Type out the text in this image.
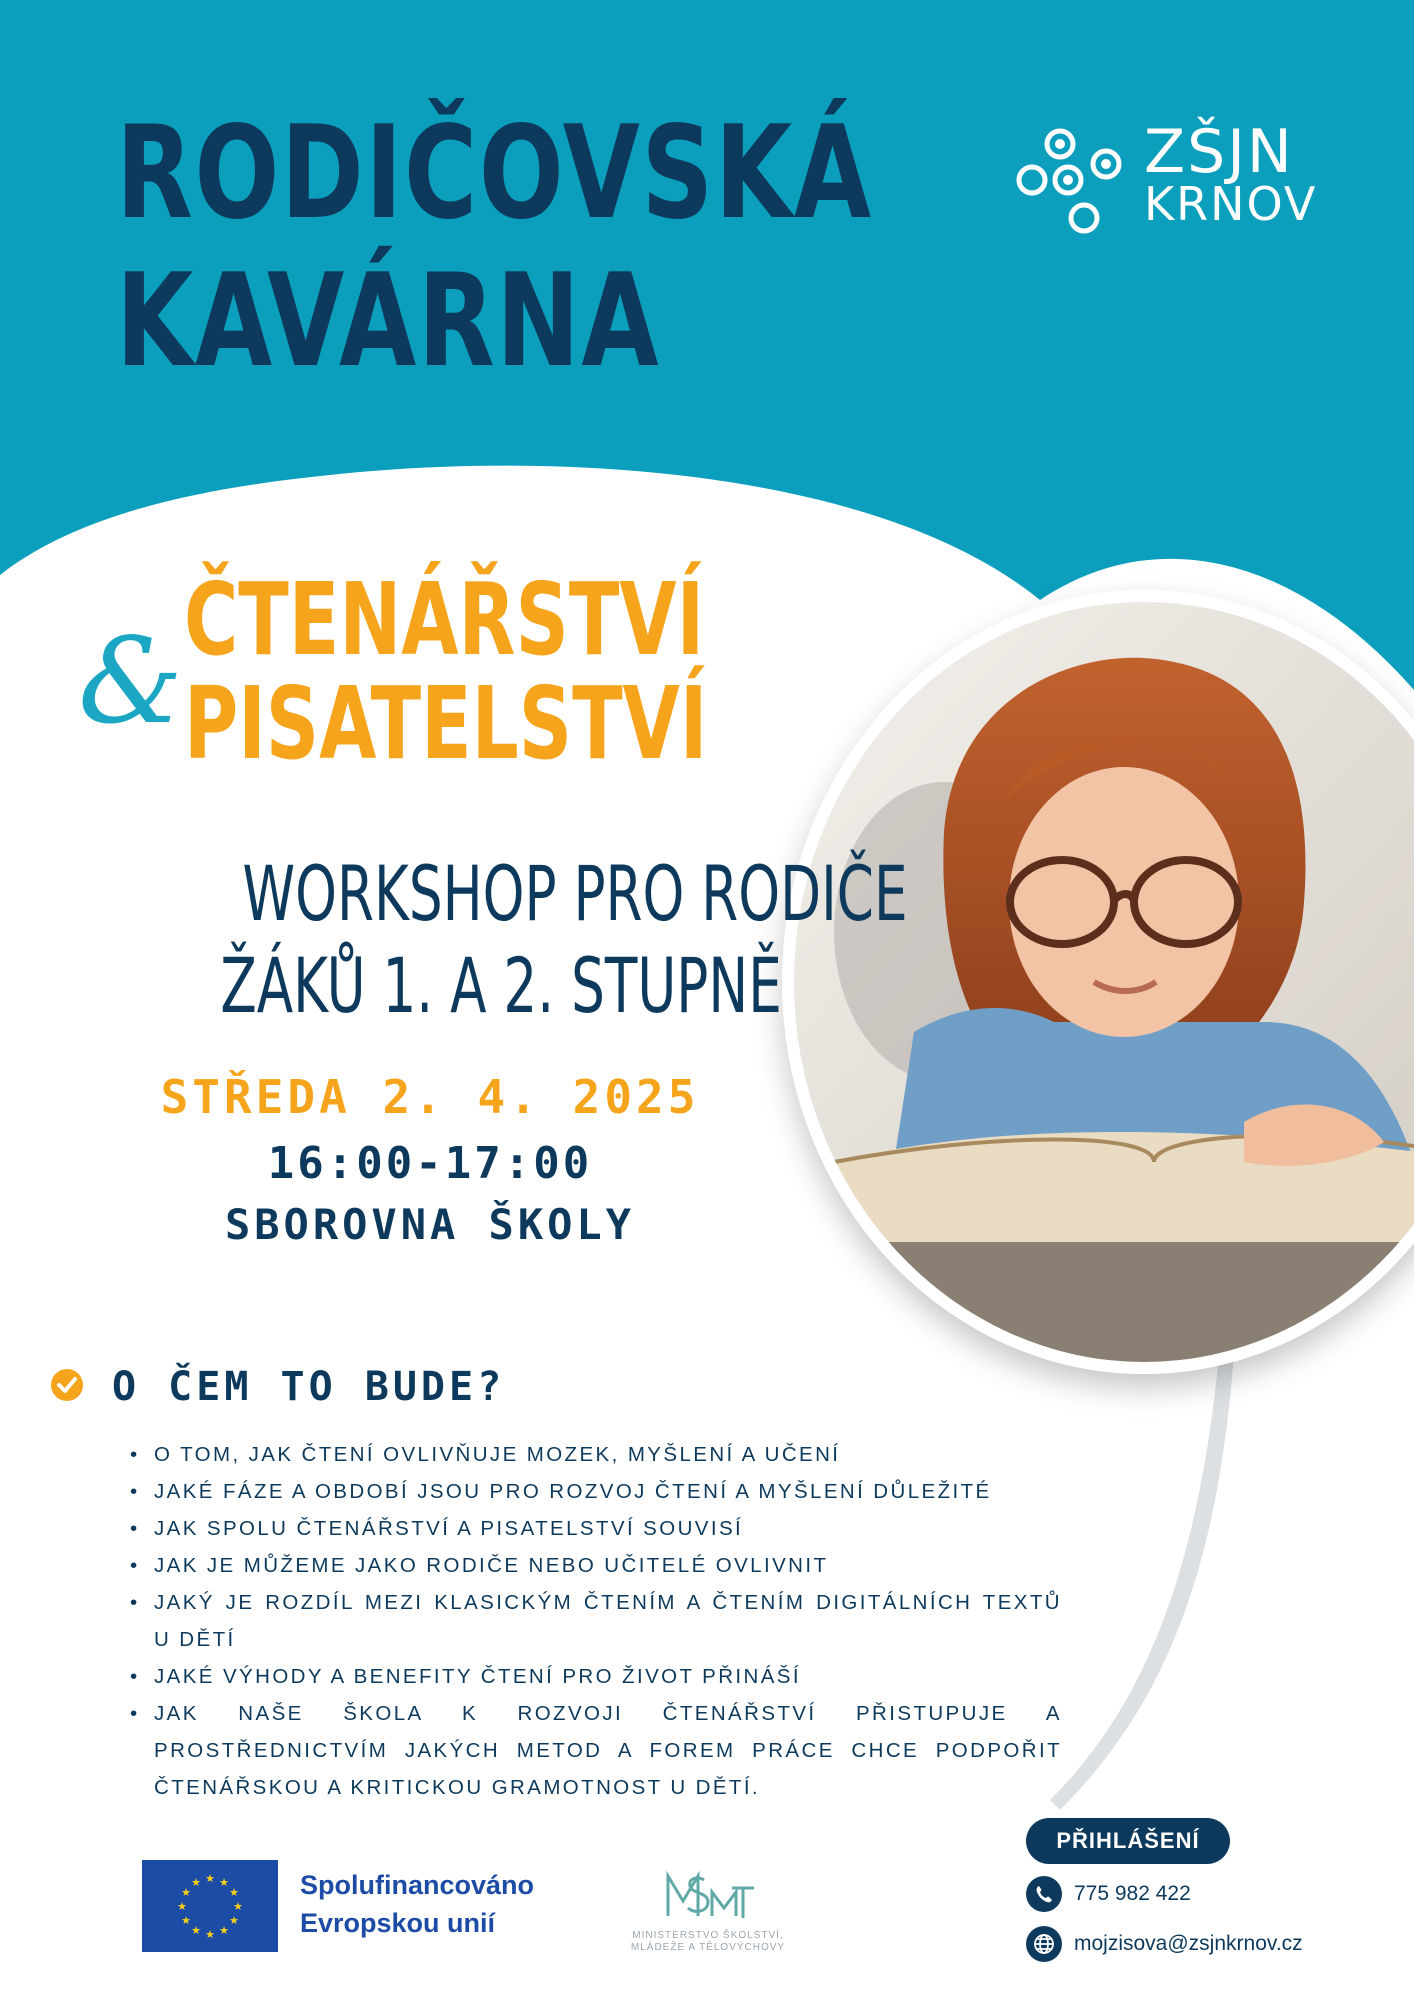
RODIČOVSKÁ
KAVÁRNA
ZŠJN
KRNOV
& ČTENÁŘSTVÍ
PISATELSTVÍ
WORKSHOP PRO RODIČE
ŽÁKŮ 1. A 2. STUPNĚ
STŘEDA 2. 4. 2025
16:00-17:00
SBOROVNA ŠKOLY
O ČEM TO BUDE?
• O TOM, JAK ČTENÍ OVLIVŇUJE MOZEK, MYŠLENÍ A UČENÍ
• JAKÉ FÁZE A OBDOBÍ JSOU PRO ROZVOJ ČTENÍ A MYŠLENÍ DŮLEŽITÉ
• JAK SPOLU ČTENÁŘSTVÍ A PISATELSTVÍ SOUVISÍ
• JAK JE MŮŽEME JAKO RODIČE NEBO UČITELÉ OVLIVNIT
• JAKÝ JE ROZDÍL MEZI KLASICKÝM ČTENÍM A ČTENÍM DIGITÁLNÍCH TEXTŮ U DĚTÍ
• JAKÉ VÝHODY A BENEFITY ČTENÍ PRO ŽIVOT PŘINÁŠÍ
• JAK NAŠE ŠKOLA K ROZVOJI ČTENÁŘSTVÍ PŘISTUPUJE A PROSTŘEDNICTVÍM JAKÝCH METOD A FOREM PRÁCE CHCE PODPOŘIT ČTENÁŘSKOU A KRITICKOU GRAMOTNOST U DĚTÍ.
★ ★
★
★
★
★
★
★
★
★
★
★	Spolufinancováno
Evropskou unií	MINISTERSTVO ŠKOLSTVÍ,
MLÁDEŽE A TĚLOVÝCHOVY
PŘIHLÁŠENÍ
775 982 422
mojzisova@zsjnkrnov.cz
